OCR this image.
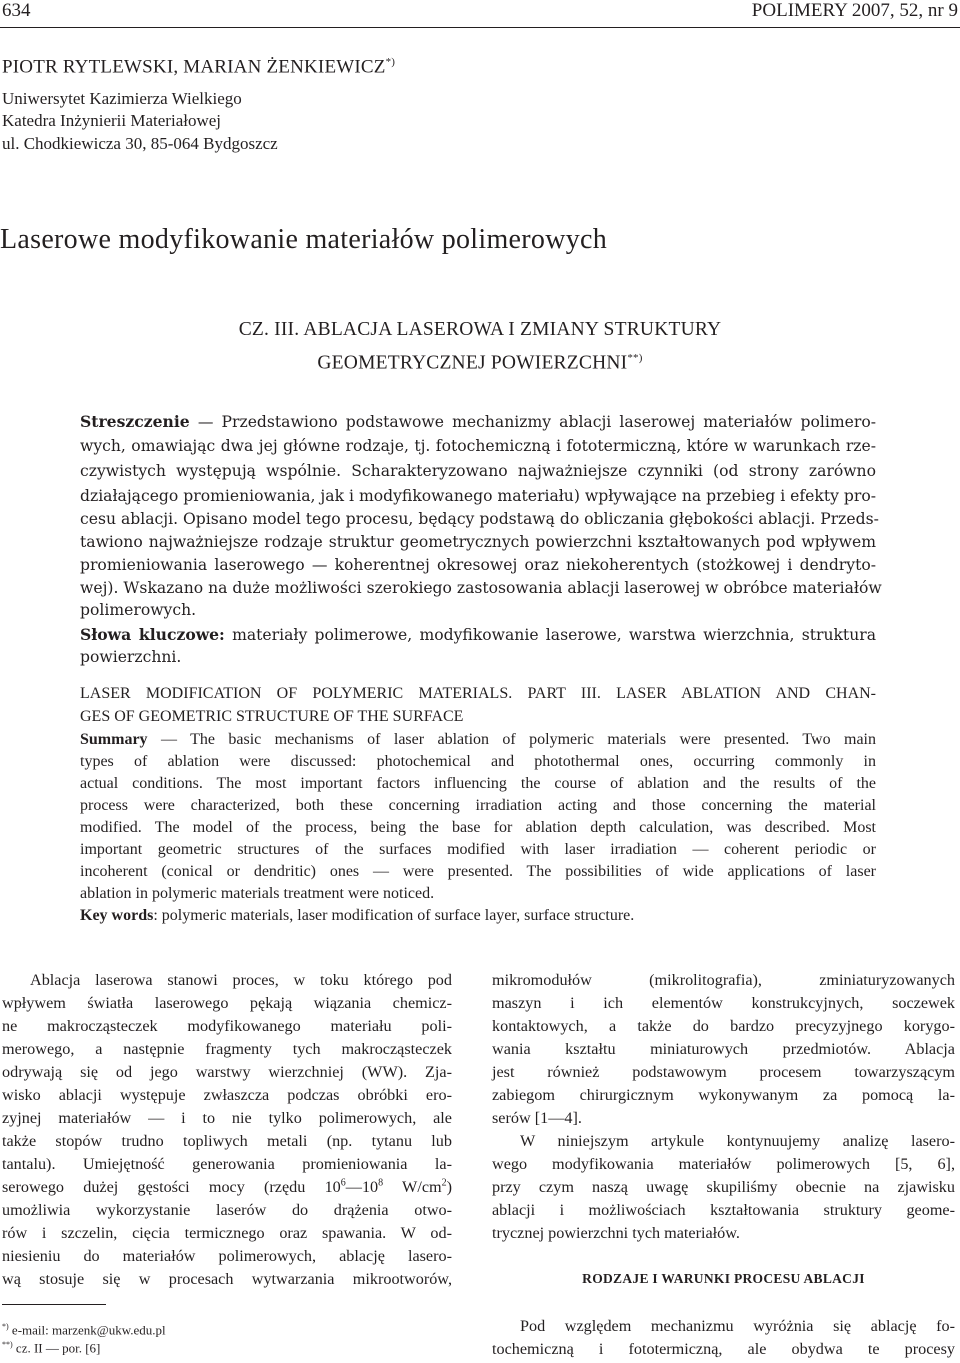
634	POLIMERY 2007, 52, nr 9
PIOTR RYTLEWSKI, MARIAN ŻENKIEWICZ*)
Uniwersytet Kazimierza Wielkiego
Katedra Inżynierii Materiałowej
ul. Chodkiewicza 30, 85-064 Bydgoszcz
Laserowe modyfikowanie materiałów polimerowych
CZ. III. ABLACJA LASEROWA I ZMIANY STRUKTURY
GEOMETRYCZNEJ POWIERZCHNI**)
Streszczenie — Przedstawiono podstawowe mechanizmy ablacji laserowej materiałów polimero-
wych, omawiając dwa jej główne rodzaje, tj. fotochemiczną i fototermiczną, które w warunkach rze-
czywistych występują wspólnie. Scharakteryzowano najważniejsze czynniki (od strony zarówno
działającego promieniowania, jak i modyfikowanego materiału) wpływające na przebieg i efekty pro-
cesu ablacji. Opisano model tego procesu, będący podstawą do obliczania głębokości ablacji. Przeds-
tawiono najważniejsze rodzaje struktur geometrycznych powierzchni kształtowanych pod wpływem
promieniowania laserowego — koherentnej okresowej oraz niekoherentych (stożkowej i dendryto-
wej). Wskazano na duże możliwości szerokiego zastosowania ablacji laserowej w obróbce materiałów
polimerowych.
Słowa kluczowe: materiały polimerowe, modyfikowanie laserowe, warstwa wierzchnia, struktura
powierzchni.
LASER MODIFICATION OF POLYMERIC MATERIALS. PART III. LASER ABLATION AND CHAN-
GES OF GEOMETRIC STRUCTURE OF THE SURFACE
Summary — The basic mechanisms of laser ablation of polymeric materials were presented. Two main
types of ablation were discussed: photochemical and photothermal ones, occurring commonly in
actual conditions. The most important factors influencing the course of ablation and the results of the
process were characterized, both these concerning irradiation acting and those concerning the material
modified. The model of the process, being the base for ablation depth calculation, was described. Most
important geometric structures of the surfaces modified with laser irradiation — coherent periodic or
incoherent (conical or dendritic) ones — were presented. The possibilities of wide applications of laser
ablation in polymeric materials treatment were noticed.
Key words: polymeric materials, laser modification of surface layer, surface structure.
Ablacja laserowa stanowi proces, w toku którego pod
wpływem światła laserowego pękają wiązania chemicz-
ne makrocząsteczek modyfikowanego materiału poli-
merowego, a następnie fragmenty tych makrocząsteczek
odrywają się od jego warstwy wierzchniej (WW). Zja-
wisko ablacji występuje zwłaszcza podczas obróbki ero-
zyjnej materiałów — i to nie tylko polimerowych, ale
także stopów trudno topliwych metali (np. tytanu lub
tantalu). Umiejętność generowania promieniowania la-
serowego dużej gęstości mocy (rzędu $10^6—10^8$ $W/cm^2$)
umożliwia wykorzystanie laserów do drążenia otwo-
rów i szczelin, cięcia termicznego oraz spawania. W od-
niesieniu do materiałów polimerowych, ablację lasero-
wą stosuje się w procesach wytwarzania mikrootworów,
*) e-mail: marzenk@ukw.edu.pl
**) cz. II — por. [6]
mikromodułów (mikrolitografia), zminiaturyzowanych
maszyn i ich elementów konstrukcyjnych, soczewek
kontaktowych, a także do bardzo precyzyjnego korygo-
wania kształtu miniaturowych przedmiotów. Ablacja
jest również podstawowym procesem towarzyszącym
zabiegom chirurgicznym wykonywanym za pomocą la-
serów [1—4].
W niniejszym artykule kontynuujemy analizę lasero-
wego modyfikowania materiałów polimerowych [5, 6],
przy czym naszą uwagę skupiliśmy obecnie na zjawisku
ablacji i możliwościach kształtowania struktury geome-
trycznej powierzchni tych materiałów.
RODZAJE I WARUNKI PROCESU ABLACJI
Pod względem mechanizmu wyróżnia się ablację fo-
tochemiczną i fototermiczną, ale obydwa te procesy
